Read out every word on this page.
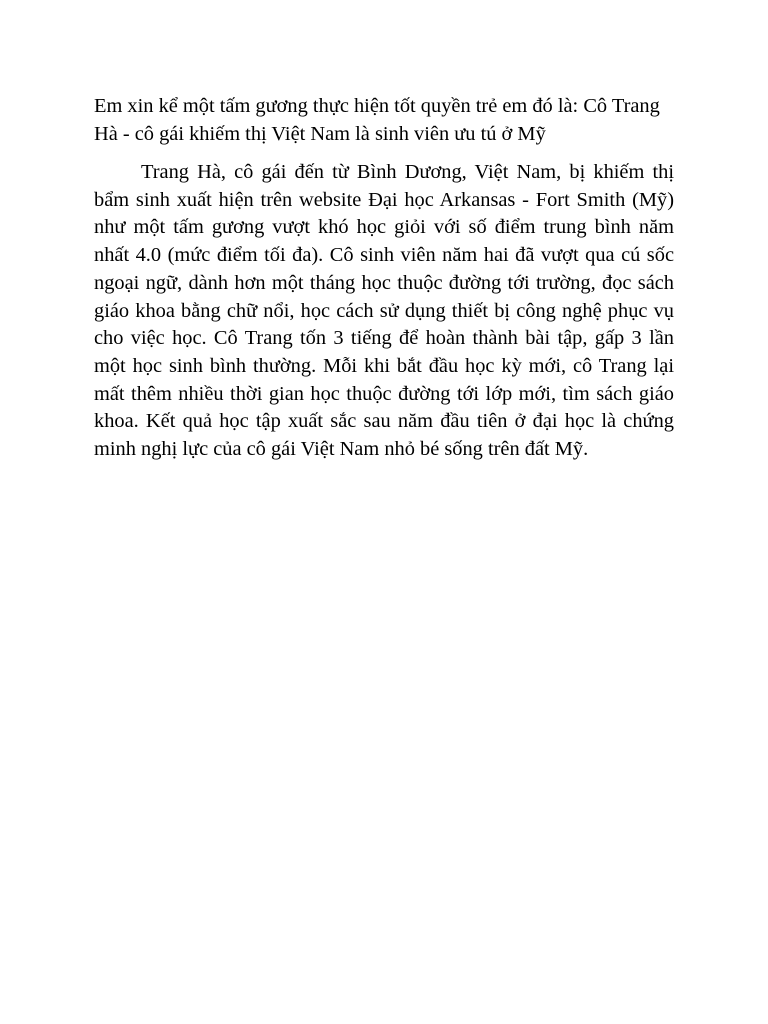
Em xin kể một tấm gương thực hiện tốt quyền trẻ em đó là: Cô Trang Hà - cô gái khiếm thị Việt Nam là sinh viên ưu tú ở Mỹ

Trang Hà, cô gái đến từ Bình Dương, Việt Nam, bị khiếm thị bẩm sinh xuất hiện trên website Đại học Arkansas - Fort Smith (Mỹ) như một tấm gương vượt khó học giỏi với số điểm trung bình năm nhất 4.0 (mức điểm tối đa). Cô sinh viên năm hai đã vượt qua cú sốc ngoại ngữ, dành hơn một tháng học thuộc đường tới trường, đọc sách giáo khoa bằng chữ nổi, học cách sử dụng thiết bị công nghệ phục vụ cho việc học. Cô Trang tốn 3 tiếng để hoàn thành bài tập, gấp 3 lần một học sinh bình thường. Mỗi khi bắt đầu học kỳ mới, cô Trang lại mất thêm nhiều thời gian học thuộc đường tới lớp mới, tìm sách giáo khoa. Kết quả học tập xuất sắc sau năm đầu tiên ở đại học là chứng minh nghị lực của cô gái Việt Nam nhỏ bé sống trên đất Mỹ.
